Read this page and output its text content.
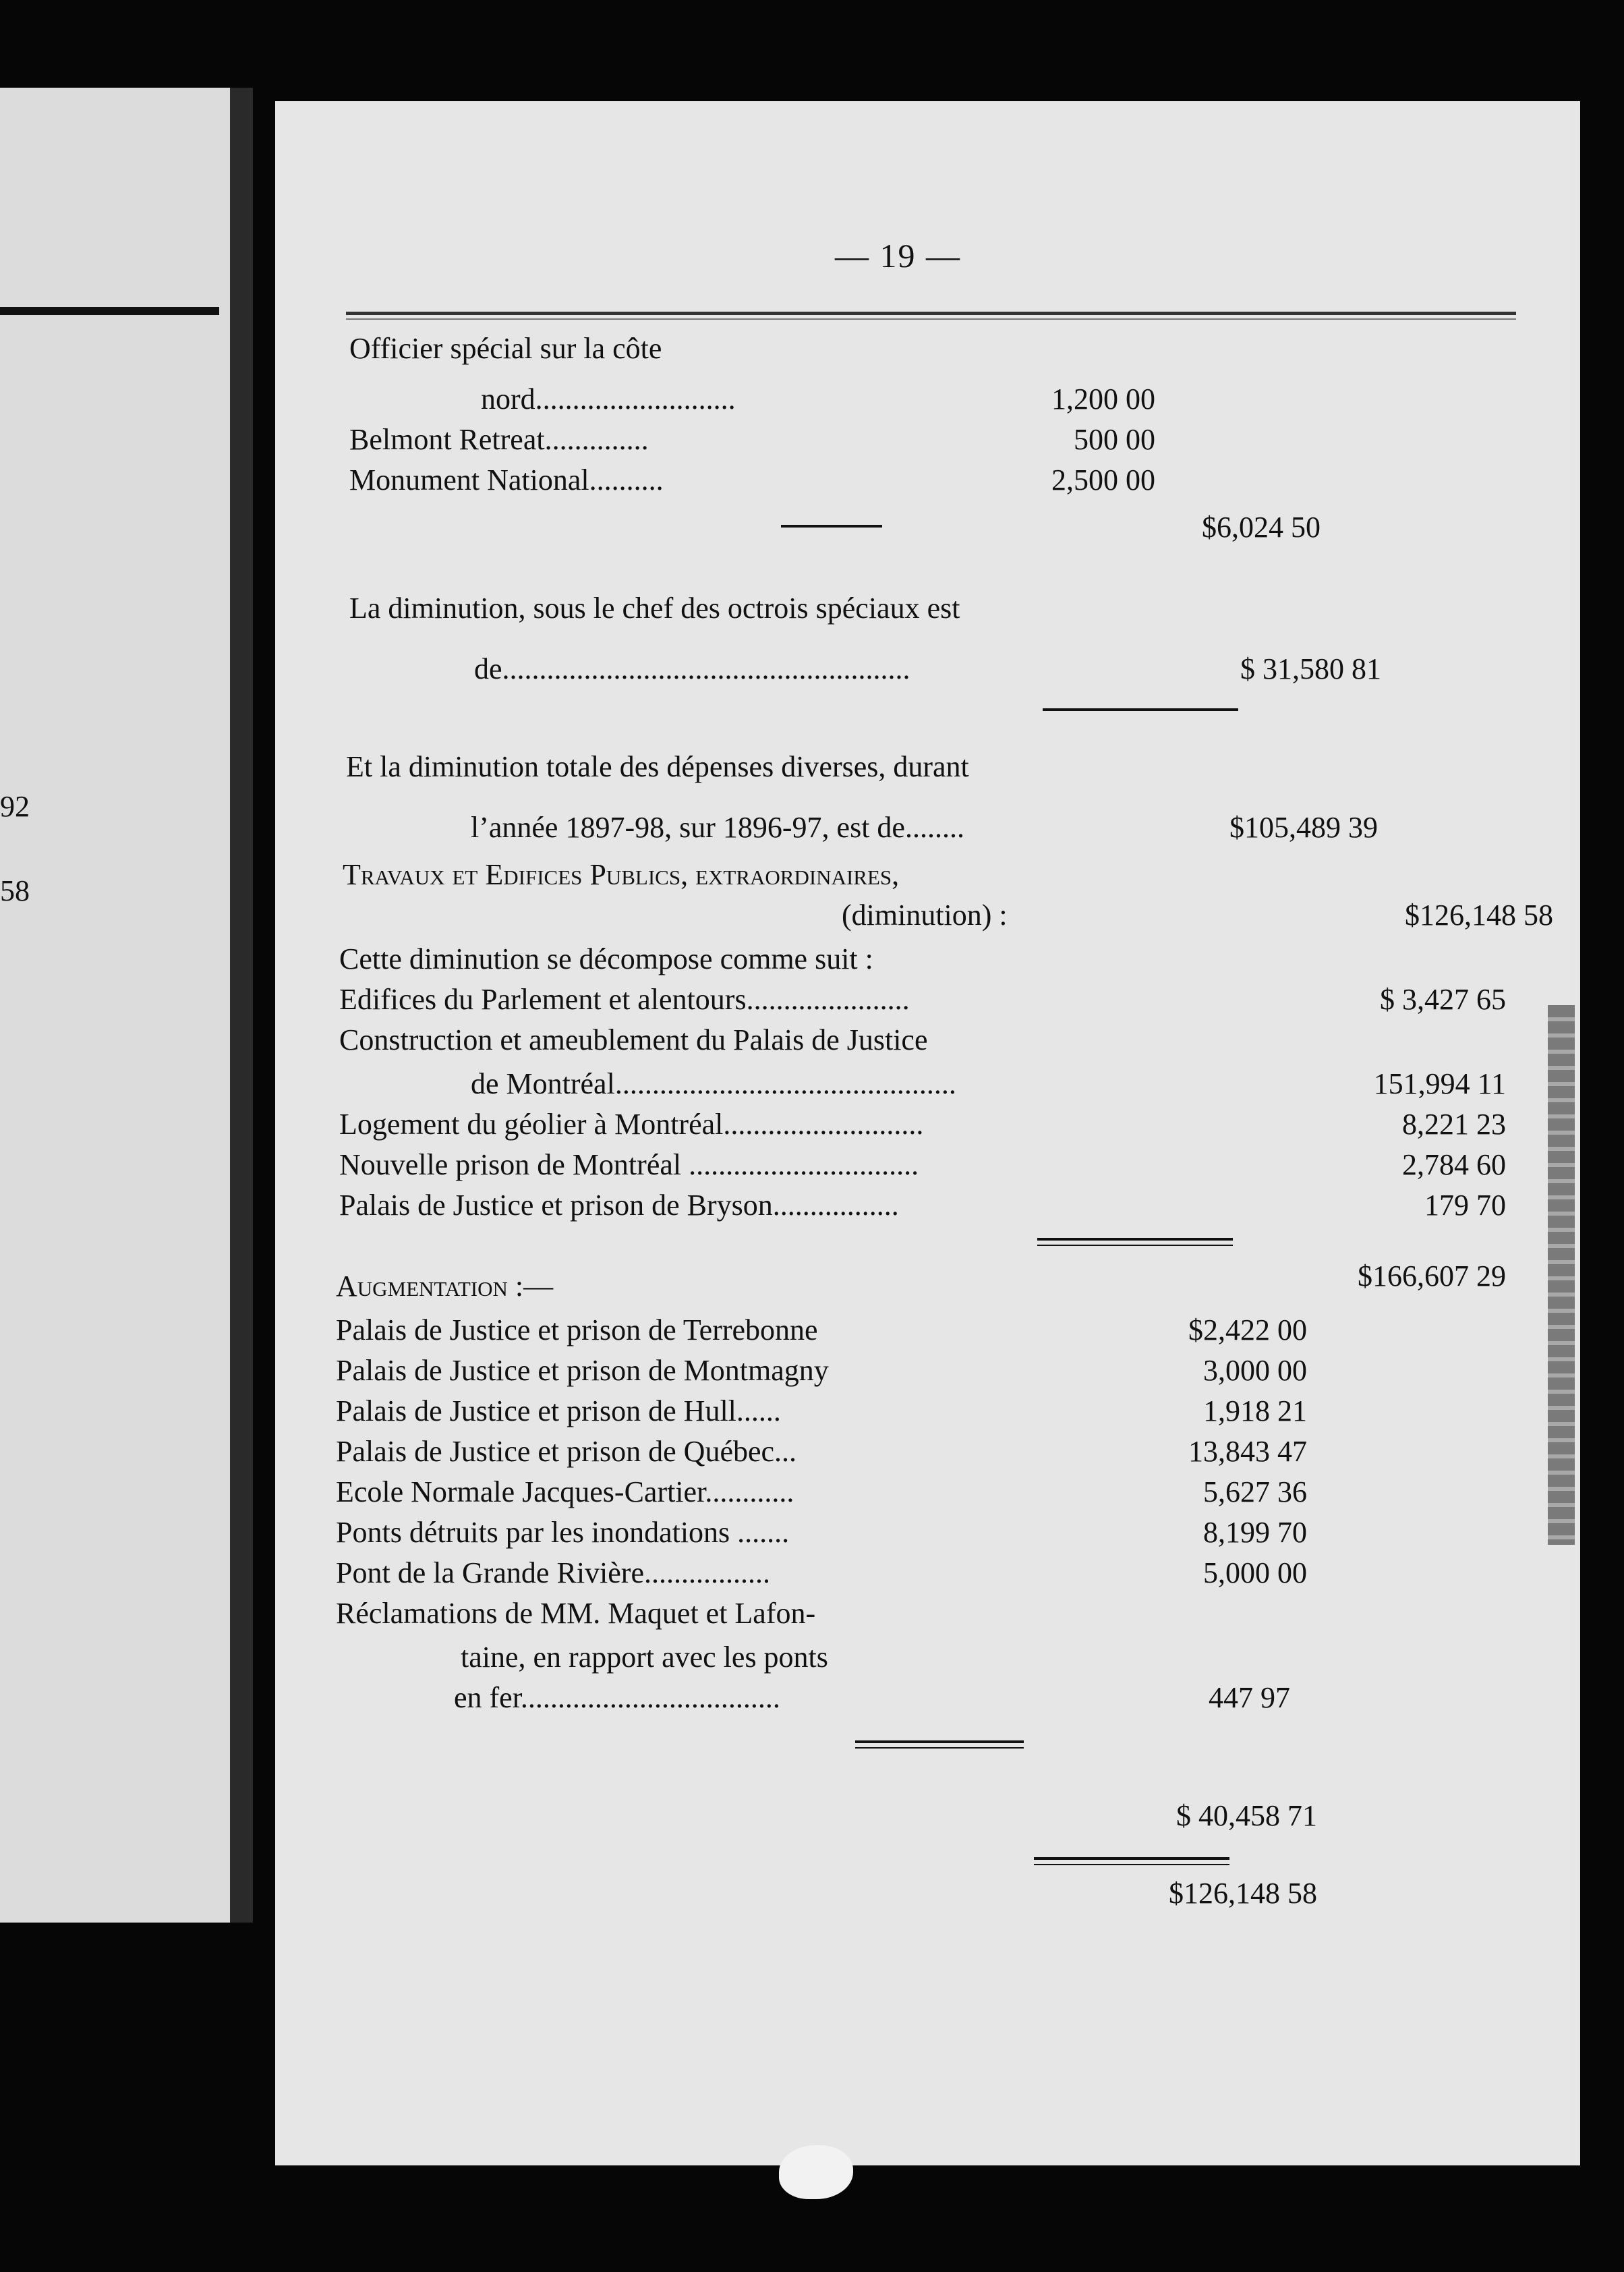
92
58
— 19 —
Officier spécial sur la côte
nord...........................	1,200 00
Belmont Retreat..............	500 00
Monument National..........	2,500 00
$6,024 50
La diminution, sous le chef des octrois spéciaux est
de.......................................................	$ 31,580 81
Et la diminution totale des dépenses diverses, durant
l’année 1897-98, sur 1896-97, est de........	$105,489 39
Travaux et Edifices Publics, extraordinaires,
(diminution) :	$126,148 58
Cette diminution se décompose comme suit :
Edifices du Parlement et alentours......................	$ 3,427 65
Construction et ameublement du Palais de Justice
de Montréal..............................................	151,994 11
Logement du géolier à Montréal...........................	8,221 23
Nouvelle prison de Montréal ...............................	2,784 60
Palais de Justice et prison de Bryson.................	179 70
$166,607 29
Augmentation :—
Palais de Justice et prison de Terrebonne	$2,422 00
Palais de Justice et prison de Montmagny	3,000 00
Palais de Justice et prison de Hull......	1,918 21
Palais de Justice et prison de Québec...	13,843 47
Ecole Normale Jacques-Cartier............	5,627 36
Ponts détruits par les inondations .......	8,199 70
Pont de la Grande Rivière.................	5,000 00
Réclamations de MM. Maquet et Lafon-
taine, en rapport avec les ponts
en fer...................................	447 97
$ 40,458 71
$126,148 58
